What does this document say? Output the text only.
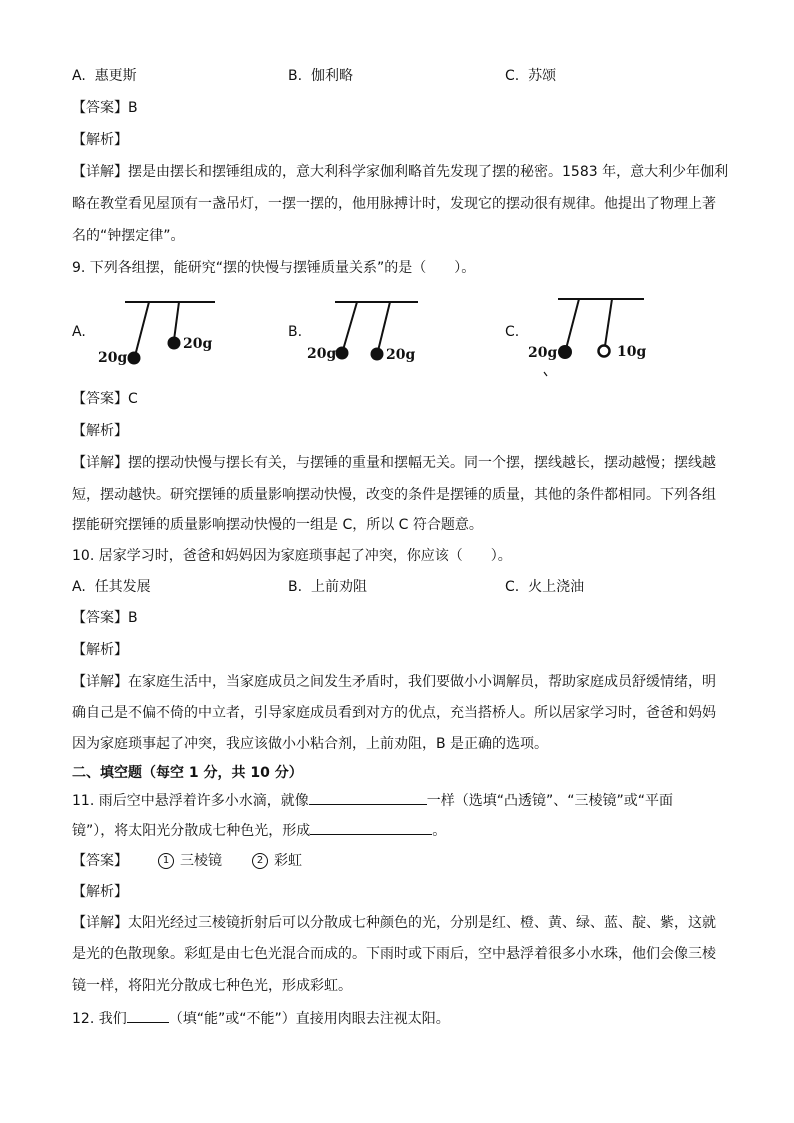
A. 惠更斯	B. 伽利略	C. 苏颂
【答案】B
【解析】
【详解】摆是由摆长和摆锤组成的，意大利科学家伽利略首先发现了摆的秘密。1583 年，意大利少年伽利
略在教堂看见屋顶有一盏吊灯，一摆一摆的，他用脉搏计时，发现它的摆动很有规律。他提出了物理上著
名的“钟摆定律”。
9. 下列各组摆，能研究“摆的快慢与摆锤质量关系”的是（　　）。
A.
20g
20g
B.
20g	20g
C.
20g	10g
【答案】C
【解析】
【详解】摆的摆动快慢与摆长有关，与摆锤的重量和摆幅无关。同一个摆，摆线越长，摆动越慢；摆线越
短，摆动越快。研究摆锤的质量影响摆动快慢，改变的条件是摆锤的质量，其他的条件都相同。下列各组
摆能研究摆锤的质量影响摆动快慢的一组是 C，所以 C 符合题意。
10. 居家学习时，爸爸和妈妈因为家庭琐事起了冲突，你应该（　　）。
A. 任其发展	B. 上前劝阻	C. 火上浇油
【答案】B
【解析】
【详解】在家庭生活中，当家庭成员之间发生矛盾时，我们要做小小调解员，帮助家庭成员舒缓情绪，明
确自己是不偏不倚的中立者，引导家庭成员看到对方的优点，充当搭桥人。所以居家学习时，爸爸和妈妈
因为家庭琐事起了冲突，我应该做小小粘合剂，上前劝阻，B 是正确的选项。
二、填空题（每空 1 分，共 10 分）
11. 雨后空中悬浮着许多小水滴，就像	一样（选填“凸透镜”、“三棱镜”或“平面
镜”），将太阳光分散成七种色光，形成	。
【答案】	1 三棱镜	2 彩虹
【解析】
【详解】太阳光经过三棱镜折射后可以分散成七种颜色的光，分别是红、橙、黄、绿、蓝、靛、紫，这就
是光的色散现象。彩虹是由七色光混合而成的。下雨时或下雨后，空中悬浮着很多小水珠，他们会像三棱
镜一样，将阳光分散成七种色光，形成彩虹。
12. 我们	（填“能”或“不能”）直接用肉眼去注视太阳。
